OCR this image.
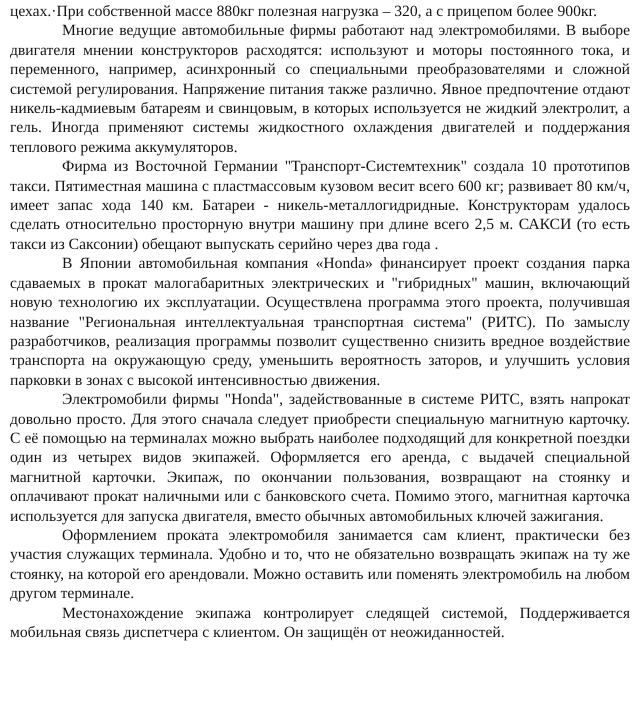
цехах.·При собственной массе 880кг полезная нагрузка – 320, а с прицепом более 900кг.

Многие ведущие автомобильные фирмы работают над электромобилями. В выборе двигателя мнении конструкторов расходятся: используют и моторы постоянного тока, и переменного, например, асинхронный со специальными преобразователями и сложной системой регулирования. Напряжение питания также различно. Явное предпочтение отдают никель-кадмиевым батареям и свинцовым, в которых используется не жидкий электролит, а гель. Иногда применяют системы жидкостного охлаждения двигателей и поддержания теплового режима аккумуляторов.

Фирма из Восточной Германии "Транспорт-Системтехник" создала 10 прототипов такси. Пятиместная машина с пластмассовым кузовом весит всего 600 кг; развивает 80 км/ч, имеет запас хода 140 км. Батареи - никель-металлогидридные. Конструкторам удалось сделать относительно просторную внутри машину при длине всего 2,5 м. САКСИ (то есть такси из Саксонии) обещают выпускать серийно через два года .

В Японии автомобильная компания «Honda» финансирует проект создания парка сдаваемых в прокат малогабаритных электрических и "гибридных" машин, включающий новую технологию их эксплуатации. Осуществлена программа этого проекта, получившая название "Региональная интеллектуальная транспортная система" (РИТС). По замыслу разработчиков, реализация программы позволит существенно снизить вредное воздействие транспорта на окружающую среду, уменьшить вероятность заторов, и улучшить условия парковки в зонах с высокой интенсивностью движения.

Электромобили фирмы "Honda", задействованные в системе РИТС, взять напрокат довольно просто. Для этого сначала следует приобрести специальную магнитную карточку. С её помощью на терминалах можно выбрать наиболее подходящий для конкретной поездки один из четырех видов экипажей. Оформляется его аренда, с выдачей специальной магнитной карточки. Экипаж, по окончании пользования, возвращают на стоянку и оплачивают прокат наличными или с банковского счета. Помимо этого, магнитная карточка используется для запуска двигателя, вместо обычных автомобильных ключей зажигания.

Оформлением проката электромобиля занимается сам клиент, практически без участия служащих терминала. Удобно и то, что не обязательно возвращать экипаж на ту же стоянку, на которой его арендовали. Можно оставить или поменять электромобиль на любом другом терминале.

Местонахождение экипажа контролирует следящей системой, Поддерживается мобильная связь диспетчера с клиентом. Он защищён от неожиданностей.
